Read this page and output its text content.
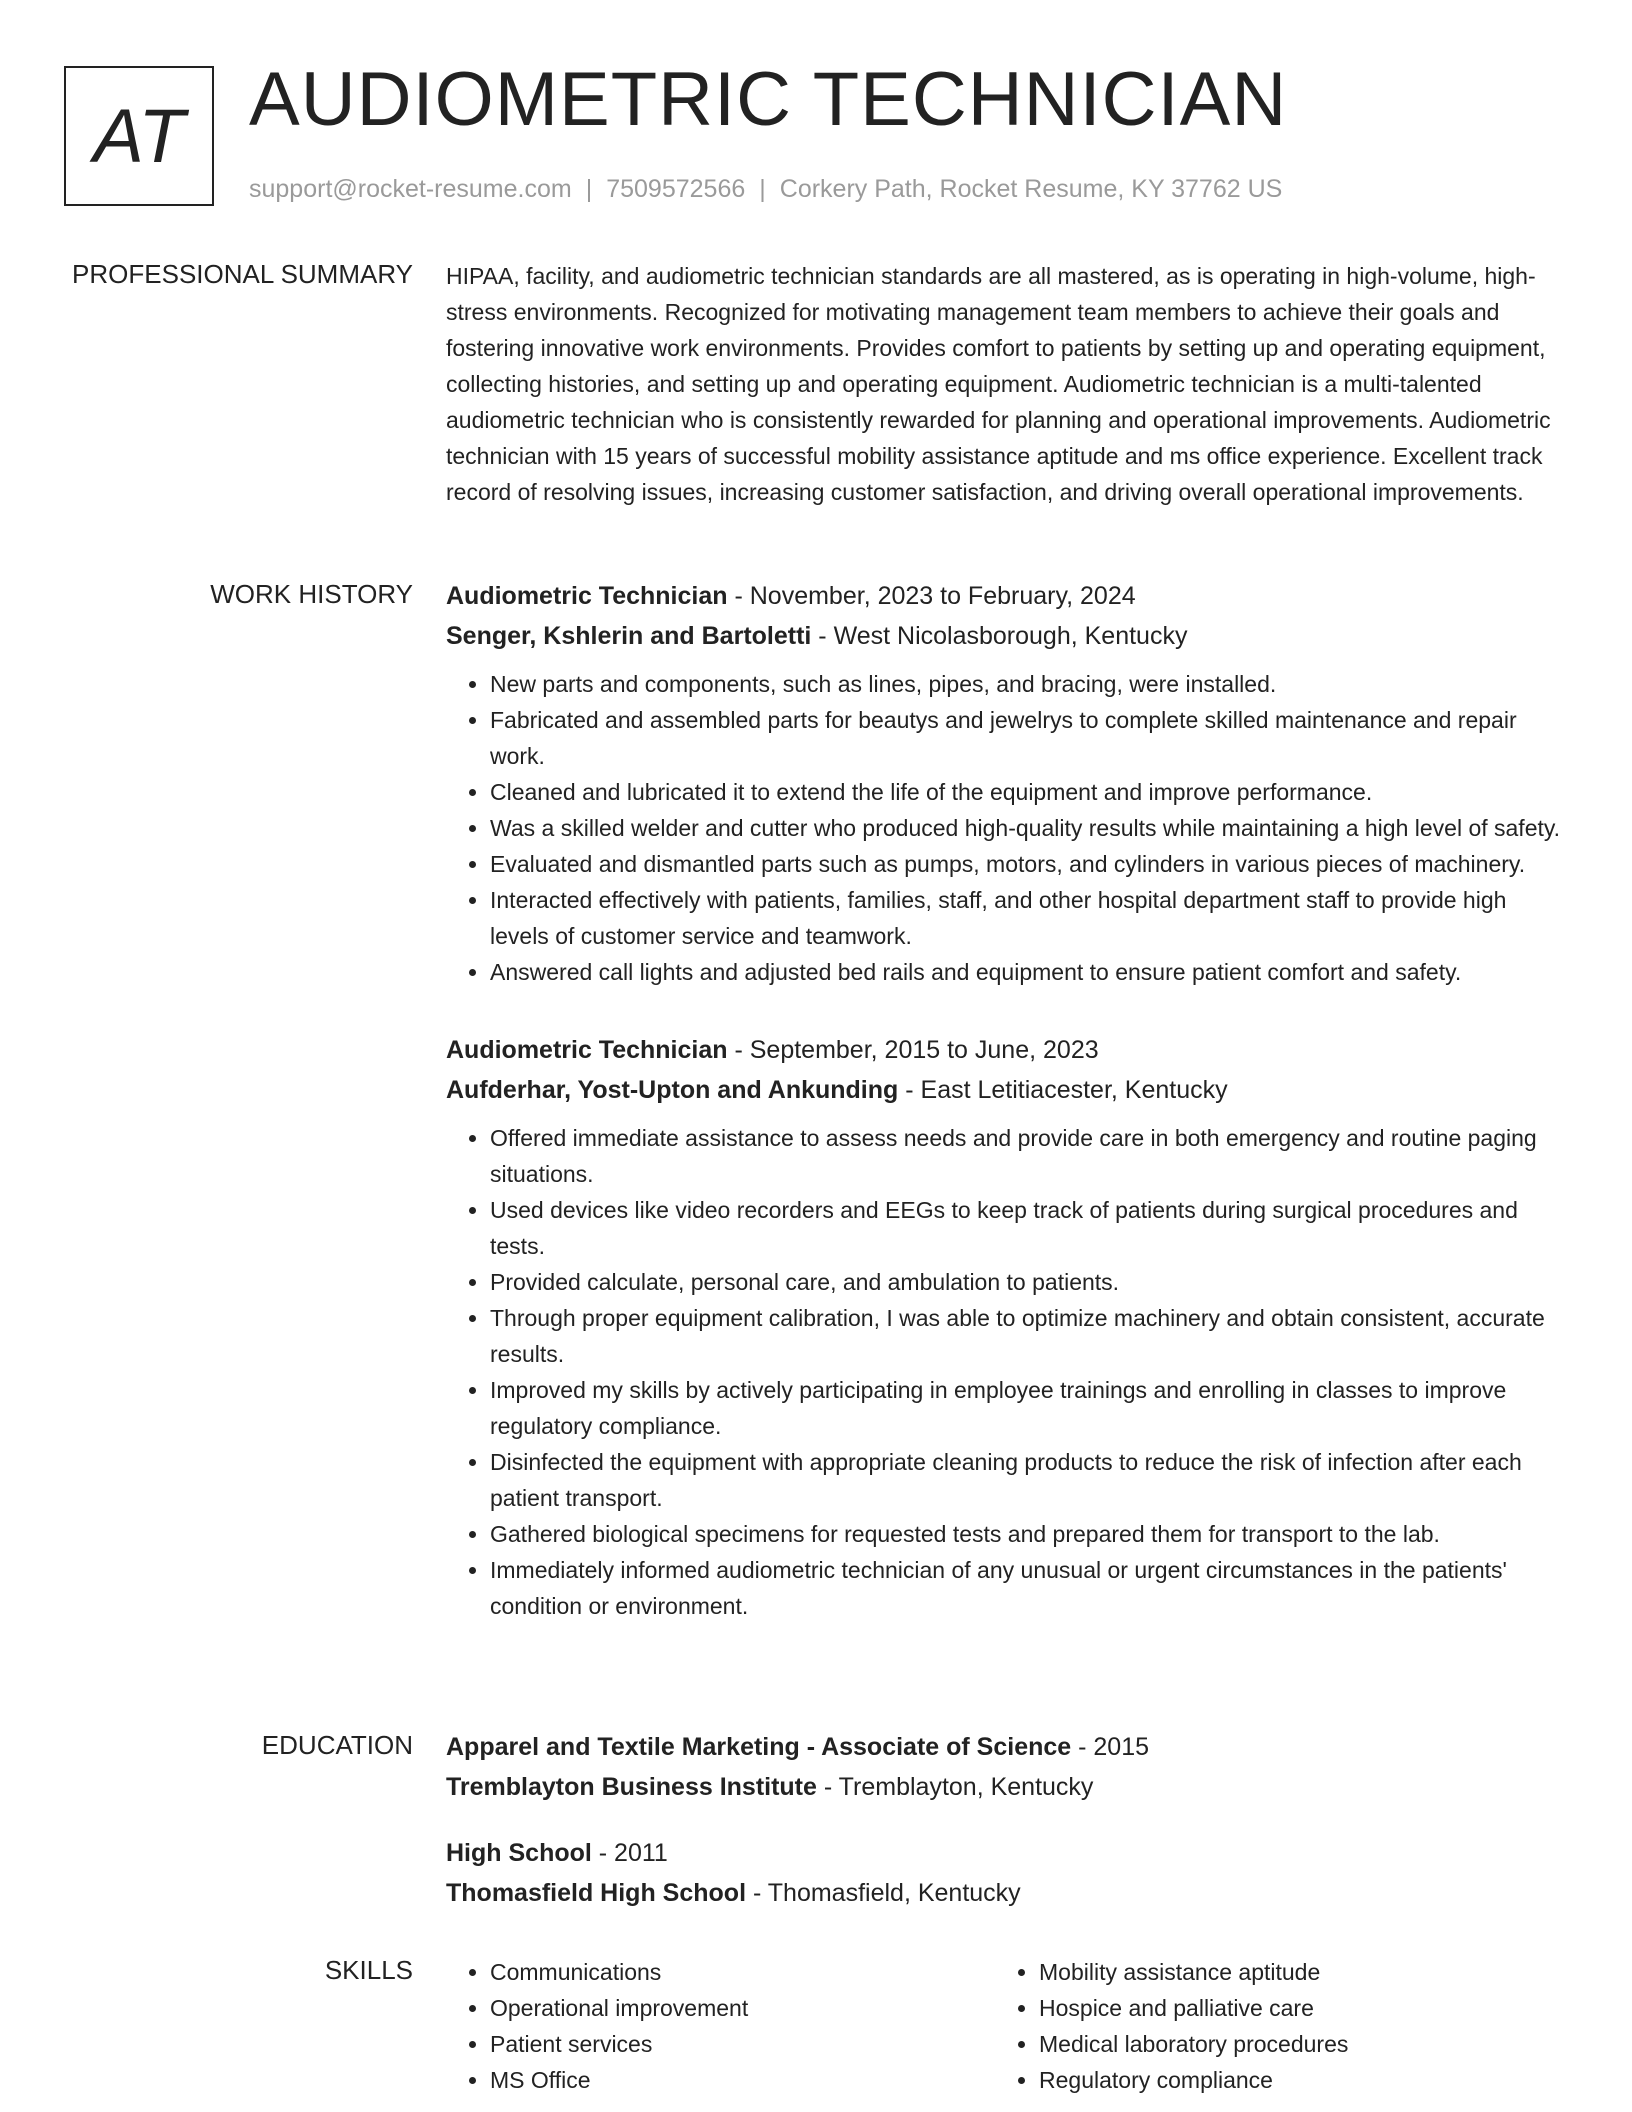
AT AUDIOMETRIC TECHNICIAN
support@rocket-resume.com | 7509572566 | Corkery Path, Rocket Resume, KY 37762 US
PROFESSIONAL SUMMARY HIPAA, facility, and audiometric technician standards are all mastered, as is operating in high-volume, high-stress environments. Recognized for motivating management team members to achieve their goals and fostering innovative work environments. Provides comfort to patients by setting up and operating equipment, collecting histories, and setting up and operating equipment. Audiometric technician is a multi-talented audiometric technician who is consistently rewarded for planning and operational improvements. Audiometric technician with 15 years of successful mobility assistance aptitude and ms office experience. Excellent track record of resolving issues, increasing customer satisfaction, and driving overall operational improvements.

WORK HISTORY Audiometric Technician - November, 2023 to February, 2024
Senger, Kshlerin and Bartoletti - West Nicolasborough, Kentucky
• New parts and components, such as lines, pipes, and bracing, were installed.
• Fabricated and assembled parts for beautys and jewelrys to complete skilled maintenance and repair work.
• Cleaned and lubricated it to extend the life of the equipment and improve performance.
• Was a skilled welder and cutter who produced high-quality results while maintaining a high level of safety.
• Evaluated and dismantled parts such as pumps, motors, and cylinders in various pieces of machinery.
• Interacted effectively with patients, families, staff, and other hospital department staff to provide high levels of customer service and teamwork.
• Answered call lights and adjusted bed rails and equipment to ensure patient comfort and safety.
Audiometric Technician - September, 2015 to June, 2023
Aufderhar, Yost-Upton and Ankunding - East Letitiacester, Kentucky
• Offered immediate assistance to assess needs and provide care in both emergency and routine paging situations.
• Used devices like video recorders and EEGs to keep track of patients during surgical procedures and tests.
• Provided calculate, personal care, and ambulation to patients.
• Through proper equipment calibration, I was able to optimize machinery and obtain consistent, accurate results.
• Improved my skills by actively participating in employee trainings and enrolling in classes to improve regulatory compliance.
• Disinfected the equipment with appropriate cleaning products to reduce the risk of infection after each patient transport.
• Gathered biological specimens for requested tests and prepared them for transport to the lab.
• Immediately informed audiometric technician of any unusual or urgent circumstances in the patients' condition or environment.
EDUCATION Apparel and Textile Marketing - Associate of Science - 2015
Tremblayton Business Institute - Tremblayton, Kentucky
High School - 2011
Thomasfield High School - Thomasfield, Kentucky
SKILLS
•	Communications
• Operational improvement
• Patient services
• MS Office
• Mobility assistance aptitude
• Hospice and palliative care
• Medical laboratory procedures
• Regulatory compliance
